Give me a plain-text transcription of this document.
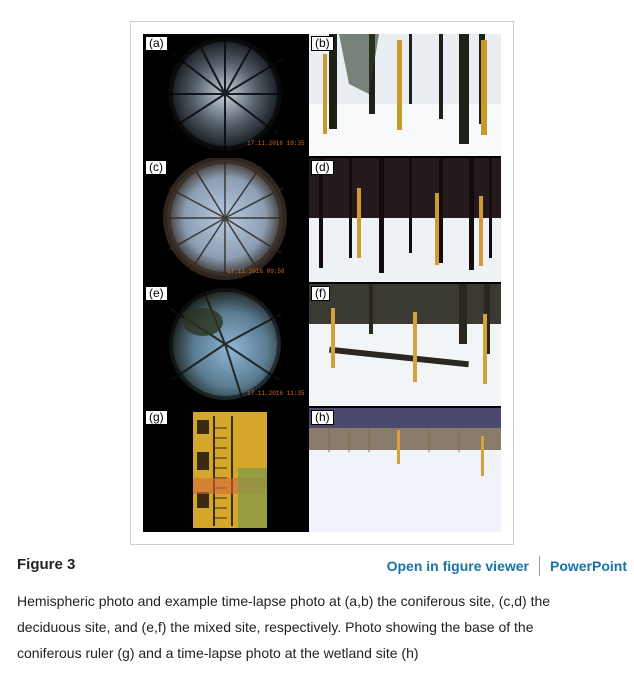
(a)
17.11.2016 10:35
(b)
(c)
17.11.2016 09:58
(d)
(e)
17.11.2016 11:35
(f)
(g)	(h)
Figure 3	Open in figure viewer PowerPoint
Hemispheric photo and example time-lapse photo at (a,b) the coniferous site, (c,d) the deciduous site, and (e,f) the mixed site, respectively. Photo showing the base of the coniferous ruler (g) and a time-lapse photo at the wetland site (h)
